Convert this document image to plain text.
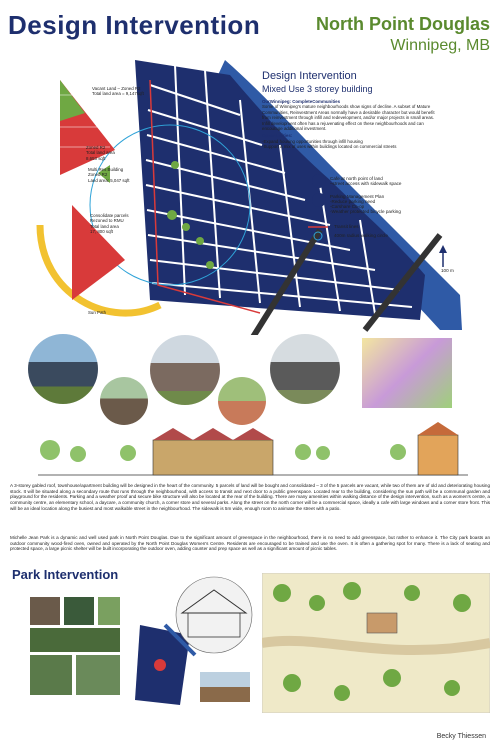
Design Intervention	North Point Douglas
Winnipeg, MB
Vacant Land – Zoned R2
Total land area = 9,147sqft
Zoned R2
Total land area
8,653 sqft
Multi Res Building
Zoned R2
Land area: 5,047 sqft
Consolidate parcels
Rezoned to RMU
Total land area
17, 800 sqft
Sun Path
Design Intervention
Mixed Use 3 storey building
OurWinnipeg: CompleteCommunities
Some of Winnipeg's mature neighbourhoods show signs of decline. A subset of Mature Communities, Reinvestment Areas normally have a desirable character but would benefit from reinvestment through infill and redevelopment, and/or major projects in small areas. Infill development often has a rejuvenating effect on these neighbourhoods and can encourage additional investment.
Opportunities:
-Expand housing opportunities through infill housing
-Support a mix of uses within buildings located on commercial streets
Cafe at north point of land
–street access with sidewalk space
Parking Management Plan
-Reduce parking need
-Carshare Co-op
-Weather protected bicycle parking
Transit lines
400m radius walking circle
100 m
A 3-storey gabled roof, townhouse/apartment building will be designed in the heart of the community. 5 parcels of land will be bought and consolidated – 3 of the 5 parcels are vacant, while two of them are of old and deteriorating housing stock. It will be situated along a secondary route that runs through the neighbourhood, with access to transit and next door to a public greenspace. Located rear to the building, considering the sun path will be a communal garden and playground for the residents. Parking and a weather proof and secure bike structure will also be located at the rear of the building. There are many amenities within walking distance of the design intervention, such as a women's centre, a community centre, an elementary school, a daycare, a community church, a corner store and several parks. Along the street on the north corner will be a commercial space, ideally a cafe with large windows and a corner store front. This will be an ideal location along the busiest and most walkable street in the neighbourhood. The sidewalk is 5m wide, enough room to animate the street with a patio.
Michelle Jean Park is a dynamic and well used park in North Point Douglas. Due to the significant amount of greenspace in the neighbourhood, there is no need to add greenspace, but rather to enhance it. The City park boasts an outdoor community wood-fired oven, owned and operated by the North Point Douglas Women's Centre. Residents are encouraged to be trained and use the oven. It is often a gathering spot for many. There is a lack of seating and protected space, a large picnic shelter will be built incorporating the outdoor oven, adding counter and prep space as well as a significant amount of picnic tables.
Park Intervention
Becky Thiessen
